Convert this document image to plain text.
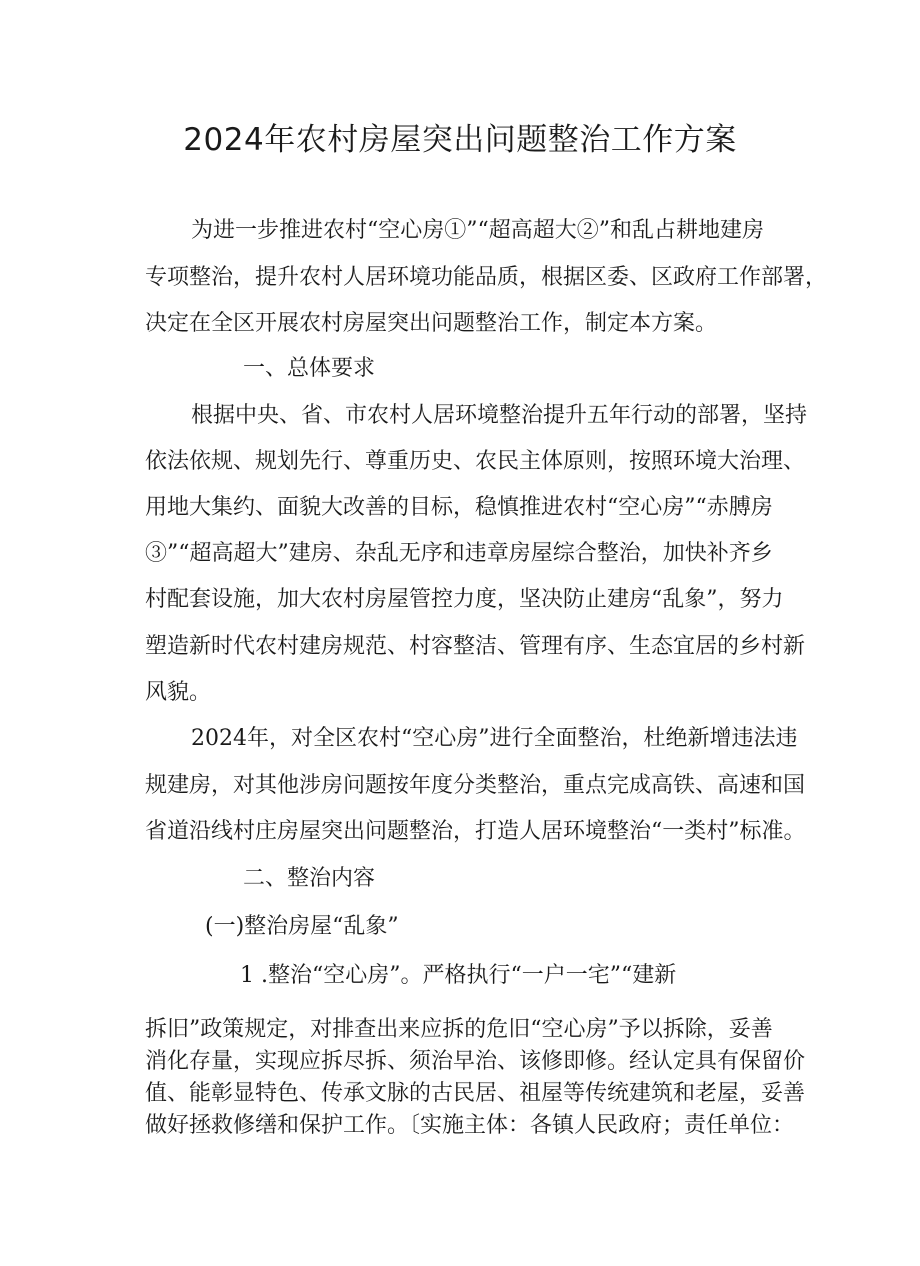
2024年农村房屋突出问题整治工作方案

为进一步推进农村“空心房①”“超高超大②”和乱占耕地建房

专项整治，提升农村人居环境功能品质，根据区委、区政府工作部署，

决定在全区开展农村房屋突出问题整治工作，制定本方案。

一、总体要求

根据中央、省、市农村人居环境整治提升五年行动的部署，坚持

依法依规、规划先行、尊重历史、农民主体原则，按照环境大治理、

用地大集约、面貌大改善的目标，稳慎推进农村“空心房”“赤膊房

③”“超高超大”建房、杂乱无序和违章房屋综合整治，加快补齐乡

村配套设施，加大农村房屋管控力度，坚决防止建房“乱象”，努力

塑造新时代农村建房规范、村容整洁、管理有序、生态宜居的乡村新

风貌。

2024年，对全区农村“空心房”进行全面整治，杜绝新增违法违

规建房，对其他涉房问题按年度分类整治，重点完成高铁、高速和国

省道沿线村庄房屋突出问题整治，打造人居环境整治“一类村”标准。

二、整治内容

(一)整治房屋“乱象”

1 .整治“空心房”。严格执行“一户一宅”“建新

拆旧”政策规定，对排查出来应拆的危旧“空心房”予以拆除，妥善

消化存量，实现应拆尽拆、须治早治、该修即修。经认定具有保留价

值、能彰显特色、传承文脉的古民居、祖屋等传统建筑和老屋，妥善

做好拯救修缮和保护工作。〔实施主体：各镇人民政府；责任单位：
